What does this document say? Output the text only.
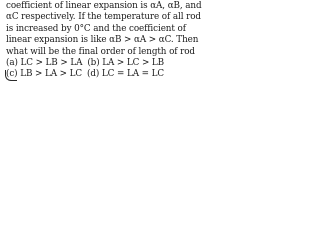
coefficient of linear expansion is αA, αB, and
αC respectively. If the temperature of all rod
is increased by 0°C and the coefficient of
linear expansion is like αB > αA > αC. Then
what will be the final order of length of rod
(a) LC > LB > LA (b) LA > LC > LB
(c) LB > LA > LC (d) LC = LA = LC
